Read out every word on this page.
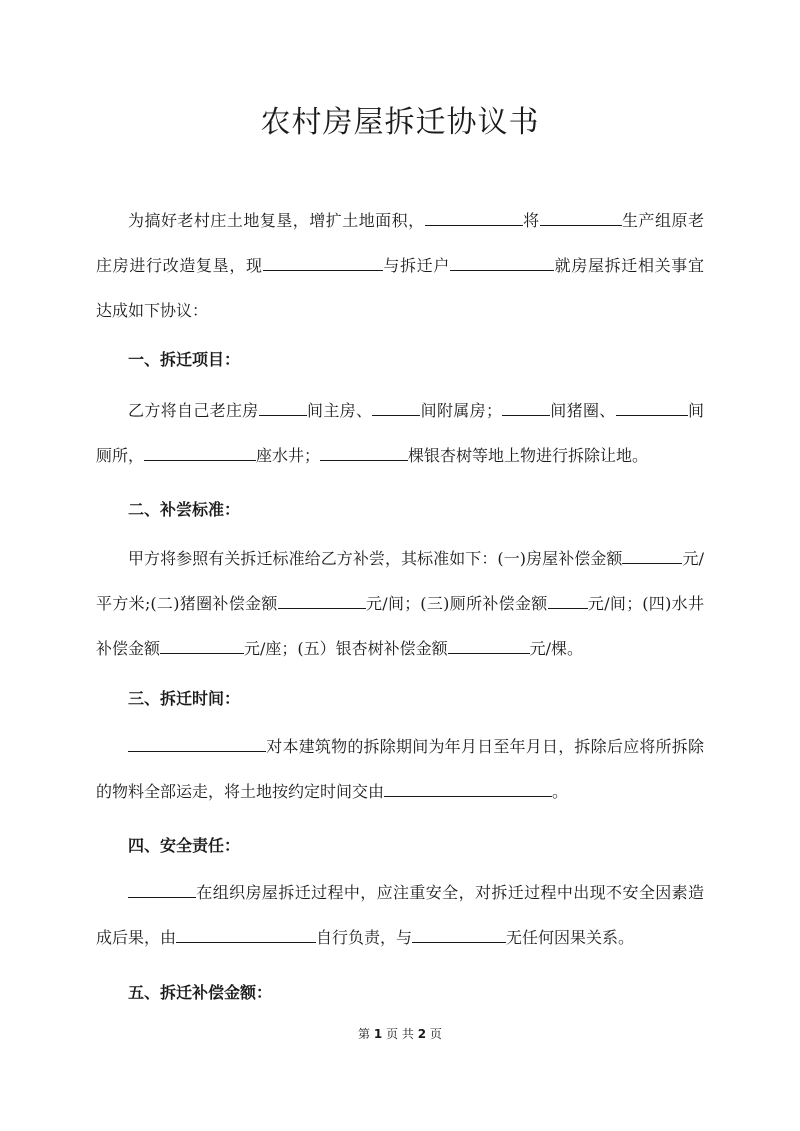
农村房屋拆迁协议书
为搞好老村庄土地复垦，增扩土地面积，	将	生产组原老庄房进行改造复垦，现	与拆迁户	就房屋拆迁相关事宜达成如下协议：
一、拆迁项目：
乙方将自己老庄房	间主房、	间附属房；	间猪圈、	间厕所，	座水井；	棵银杏树等地上物进行拆除让地。
二、补尝标准：
甲方将参照有关拆迁标准给乙方补尝，其标准如下：(一)房屋补偿金额	元/平方米;(二)猪圈补偿金额	元/间；(三)厕所补偿金额	元/间；(四)水井补偿金额	元/座；(五）银杏树补偿金额	元/棵。
三、拆迁时间：
对本建筑物的拆除期间为年月日至年月日，拆除后应将所拆除的物料全部运走，将土地按约定时间交由	。
四、安全责任：
在组织房屋拆迁过程中，应注重安全，对拆迁过程中出现不安全因素造成后果，由	自行负责，与	无任何因果关系。
五、拆迁补偿金额：
第 1 页 共 2 页
